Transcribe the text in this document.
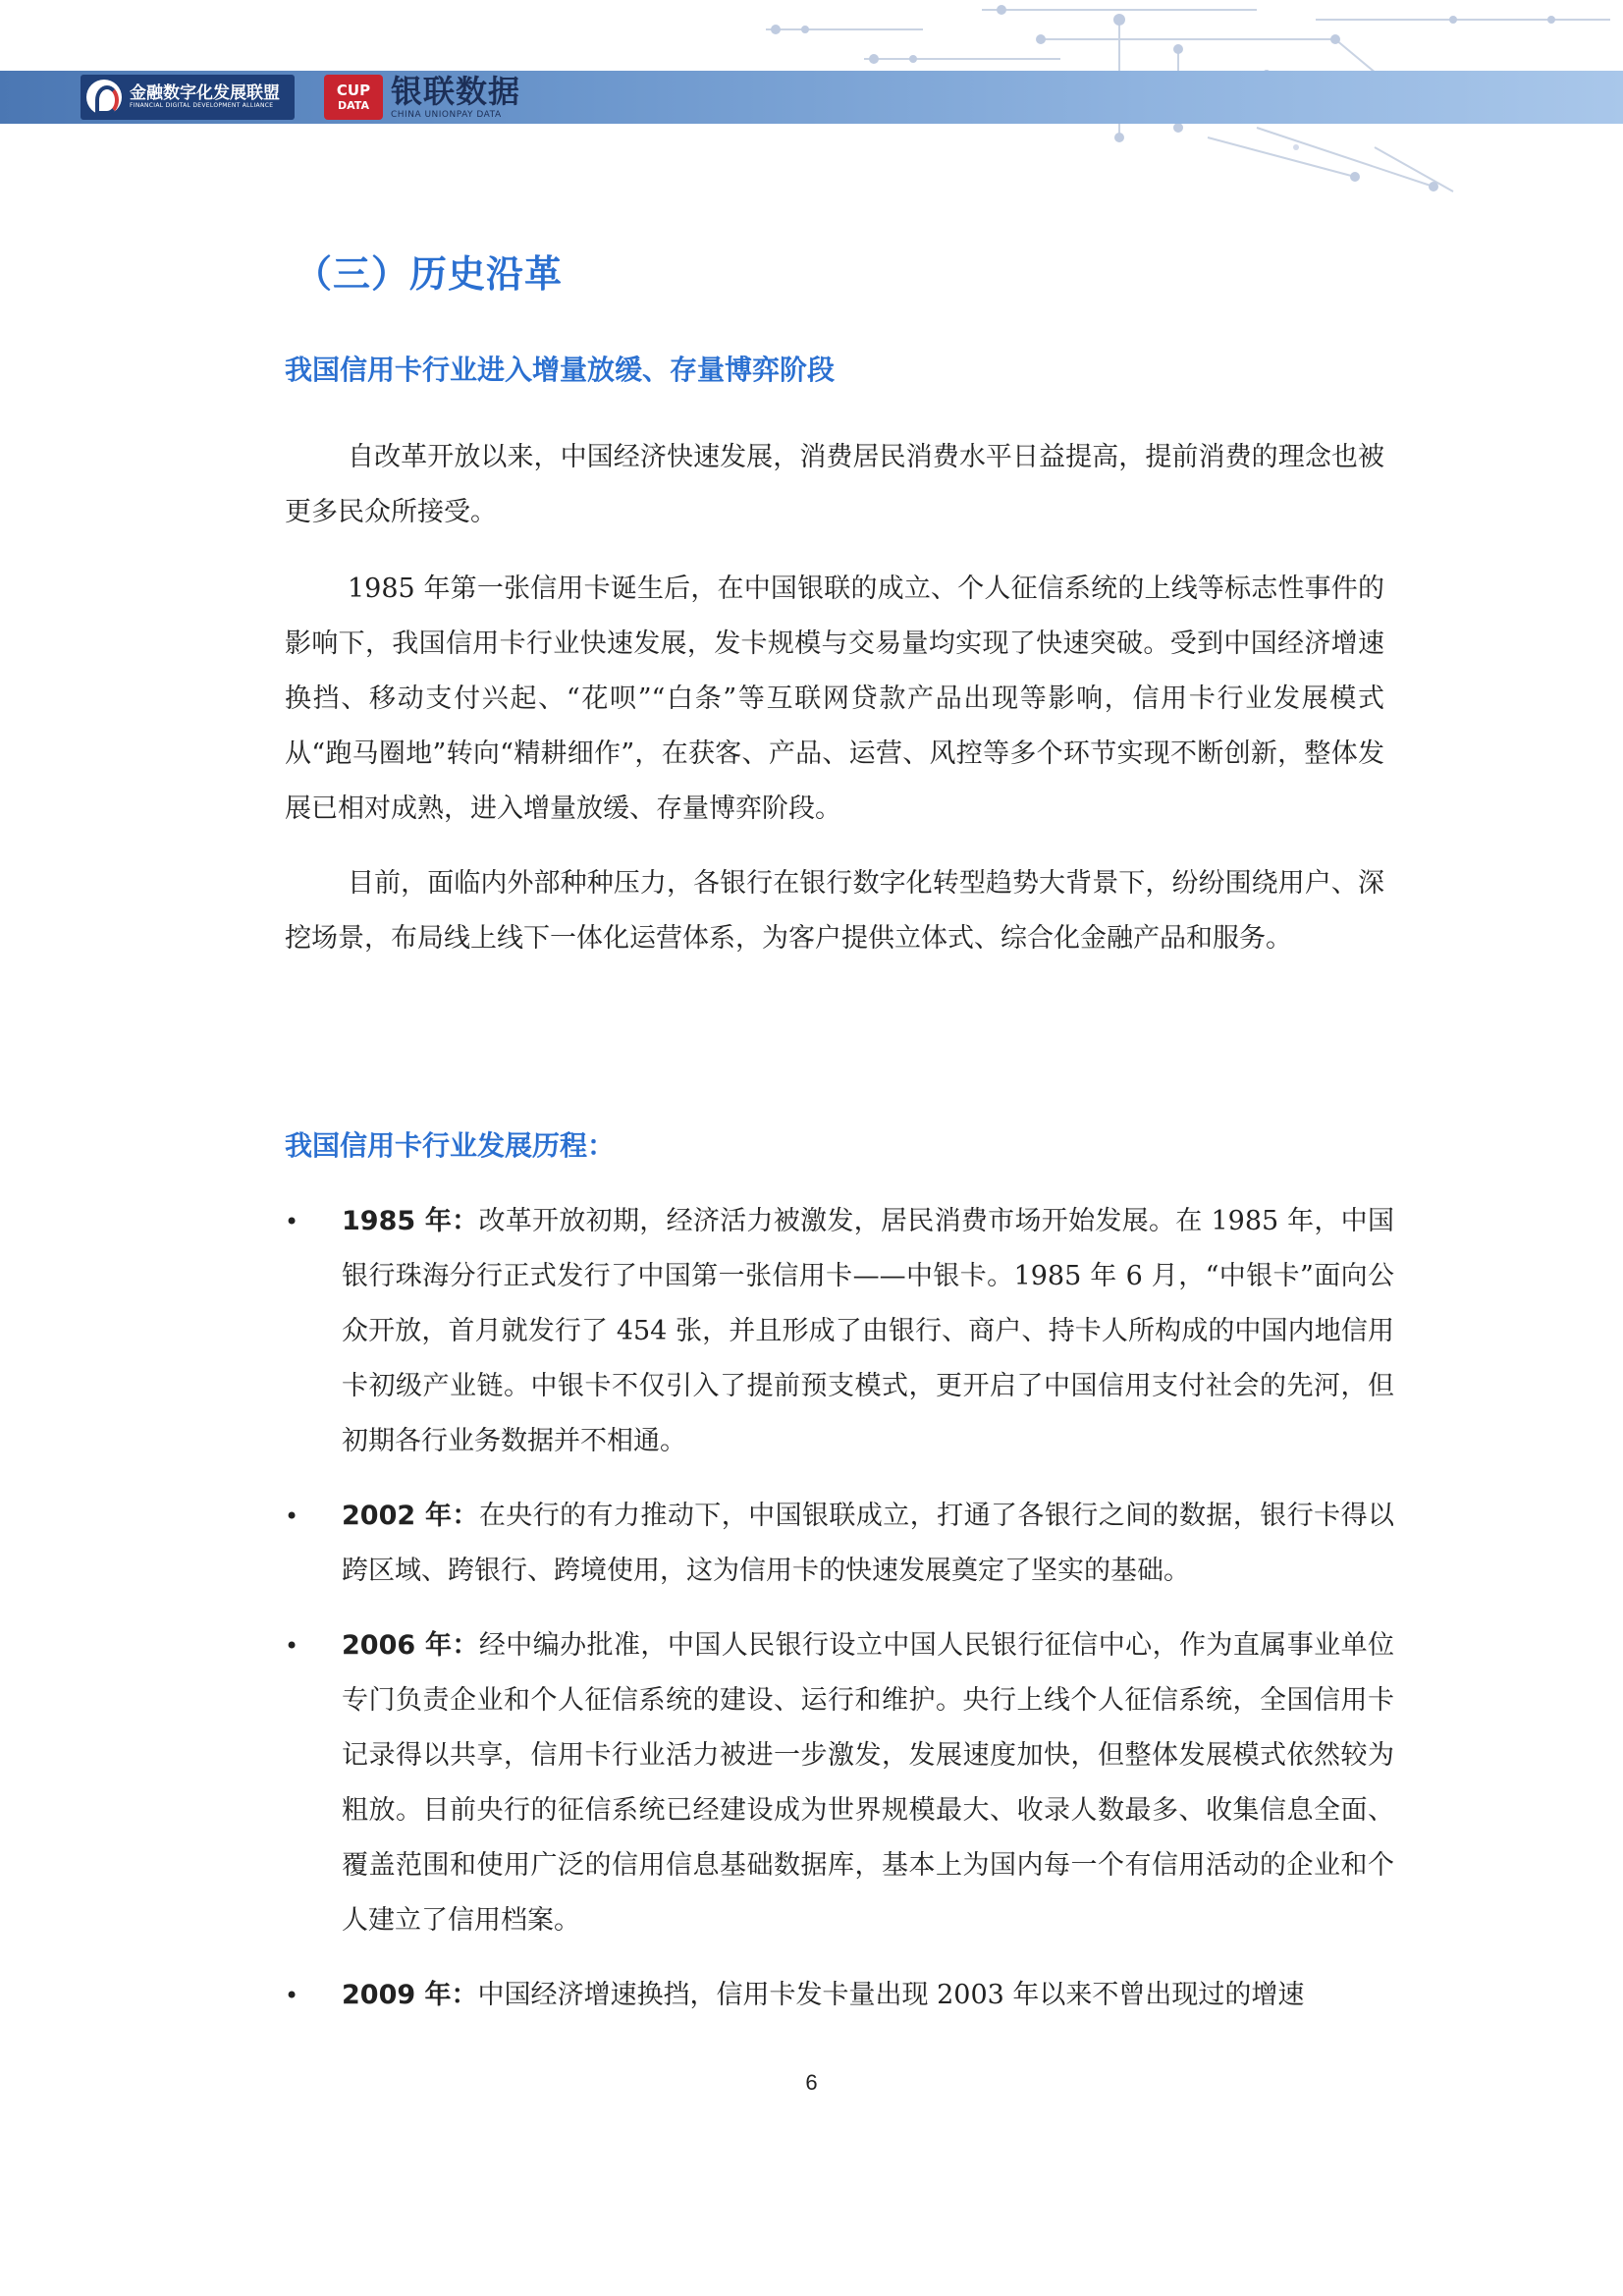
金融数字化发展联盟
FINANCIAL DIGITAL DEVELOPMENT ALLIANCE
CUP
DATA 银联数据
CHINA UNIONPAY DATA
（三）历史沿革
我国信用卡行业进入增量放缓、存量博弈阶段

自改革开放以来，中国经济快速发展，消费居民消费水平日益提高，提前消费的理念也被更多民众所接受。

1985 年第一张信用卡诞生后，在中国银联的成立、个人征信系统的上线等标志性事件的影响下，我国信用卡行业快速发展，发卡规模与交易量均实现了快速突破。受到中国经济增速换挡、移动支付兴起、“花呗”“白条”等互联网贷款产品出现等影响，信用卡行业发展模式从“跑马圈地”转向“精耕细作”，在获客、产品、运营、风控等多个环节实现不断创新，整体发展已相对成熟，进入增量放缓、存量博弈阶段。

目前，面临内外部种种压力，各银行在银行数字化转型趋势大背景下，纷纷围绕用户、深挖场景，布局线上线下一体化运营体系，为客户提供立体式、综合化金融产品和服务。

我国信用卡行业发展历程：
• 1985 年：改革开放初期，经济活力被激发，居民消费市场开始发展。在 1985 年，中国银行珠海分行正式发行了中国第一张信用卡——中银卡。1985 年 6 月，“中银卡”面向公众开放，首月就发行了 454 张，并且形成了由银行、商户、持卡人所构成的中国内地信用卡初级产业链。中银卡不仅引入了提前预支模式，更开启了中国信用支付社会的先河，但初期各行业务数据并不相通。

• 2002 年：在央行的有力推动下，中国银联成立，打通了各银行之间的数据，银行卡得以跨区域、跨银行、跨境使用，这为信用卡的快速发展奠定了坚实的基础。

• 2006 年：经中编办批准，中国人民银行设立中国人民银行征信中心，作为直属事业单位专门负责企业和个人征信系统的建设、运行和维护。央行上线个人征信系统，全国信用卡记录得以共享，信用卡行业活力被进一步激发，发展速度加快，但整体发展模式依然较为粗放。目前央行的征信系统已经建设成为世界规模最大、收录人数最多、收集信息全面、覆盖范围和使用广泛的信用信息基础数据库，基本上为国内每一个有信用活动的企业和个人建立了信用档案。

• 2009 年：中国经济增速换挡，信用卡发卡量出现 2003 年以来不曾出现过的增速

6
